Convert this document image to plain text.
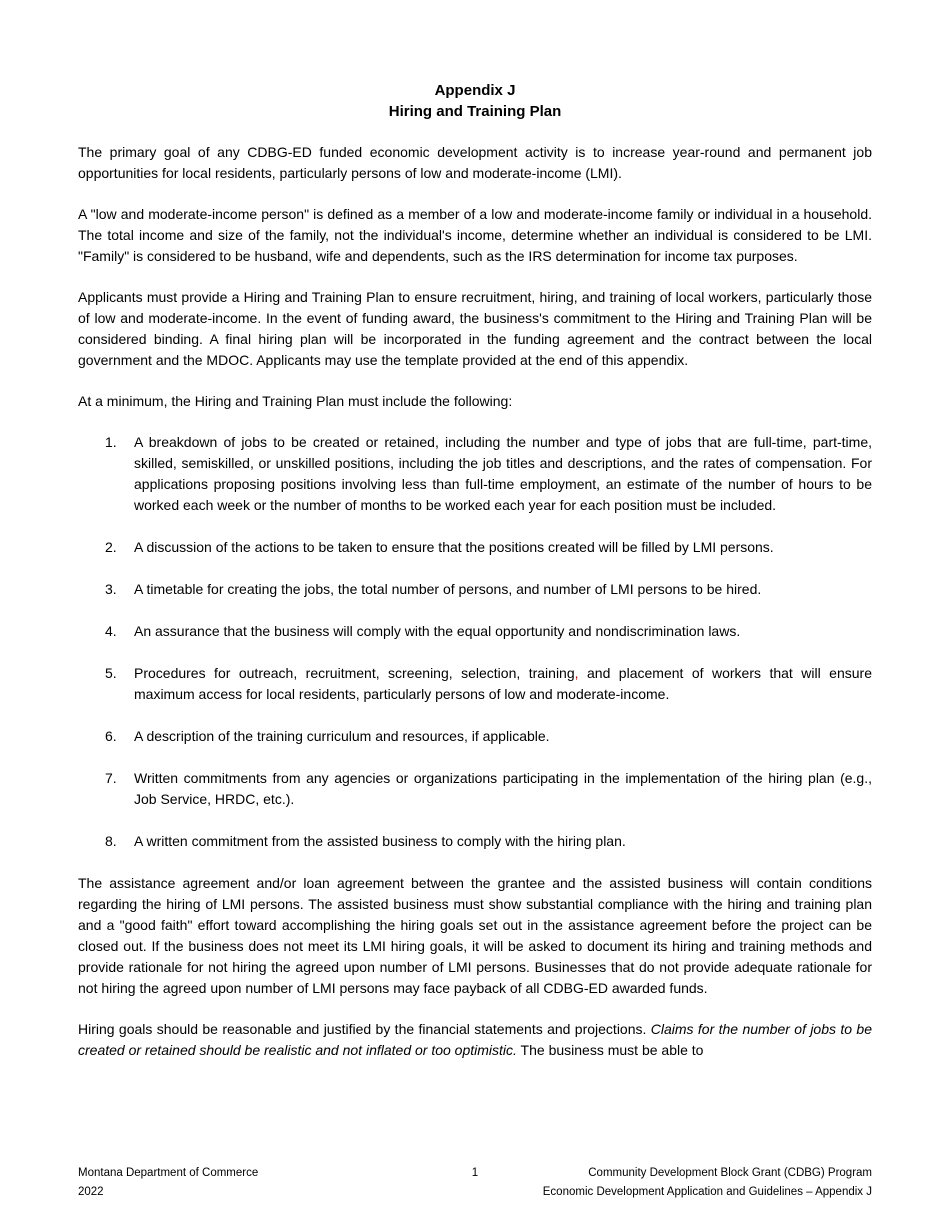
Appendix J
Hiring and Training Plan

The primary goal of any CDBG-ED funded economic development activity is to increase year-round and permanent job opportunities for local residents, particularly persons of low and moderate-income (LMI).

A "low and moderate-income person" is defined as a member of a low and moderate-income family or individual in a household. The total income and size of the family, not the individual's income, determine whether an individual is considered to be LMI. "Family" is considered to be husband, wife and dependents, such as the IRS determination for income tax purposes.

Applicants must provide a Hiring and Training Plan to ensure recruitment, hiring, and training of local workers, particularly those of low and moderate-income. In the event of funding award, the business's commitment to the Hiring and Training Plan will be considered binding. A final hiring plan will be incorporated in the funding agreement and the contract between the local government and the MDOC. Applicants may use the template provided at the end of this appendix.

At a minimum, the Hiring and Training Plan must include the following:

1.	A breakdown of jobs to be created or retained, including the number and type of jobs that are full-time, part-time, skilled, semiskilled, or unskilled positions, including the job titles and descriptions, and the rates of compensation. For applications proposing positions involving less than full-time employment, an estimate of the number of hours to be worked each week or the number of months to be worked each year for each position must be included.
2.	A discussion of the actions to be taken to ensure that the positions created will be filled by LMI persons.
3.	A timetable for creating the jobs, the total number of persons, and number of LMI persons to be hired.
4.	An assurance that the business will comply with the equal opportunity and nondiscrimination laws.
5.	Procedures for outreach, recruitment, screening, selection, training, and placement of workers that will ensure maximum access for local residents, particularly persons of low and moderate-income.
6.	A description of the training curriculum and resources, if applicable.
7.	Written commitments from any agencies or organizations participating in the implementation of the hiring plan (e.g., Job Service, HRDC, etc.).
8.	A written commitment from the assisted business to comply with the hiring plan.

The assistance agreement and/or loan agreement between the grantee and the assisted business will contain conditions regarding the hiring of LMI persons. The assisted business must show substantial compliance with the hiring and training plan and a "good faith" effort toward accomplishing the hiring goals set out in the assistance agreement before the project can be closed out. If the business does not meet its LMI hiring goals, it will be asked to document its hiring and training methods and provide rationale for not hiring the agreed upon number of LMI persons. Businesses that do not provide adequate rationale for not hiring the agreed upon number of LMI persons may face payback of all CDBG-ED awarded funds.

Hiring goals should be reasonable and justified by the financial statements and projections. Claims for the number of jobs to be created or retained should be realistic and not inflated or too optimistic. The business must be able to

Montana Department of Commerce
2022
1	Community Development Block Grant (CDBG) Program
Economic Development Application and Guidelines – Appendix J
